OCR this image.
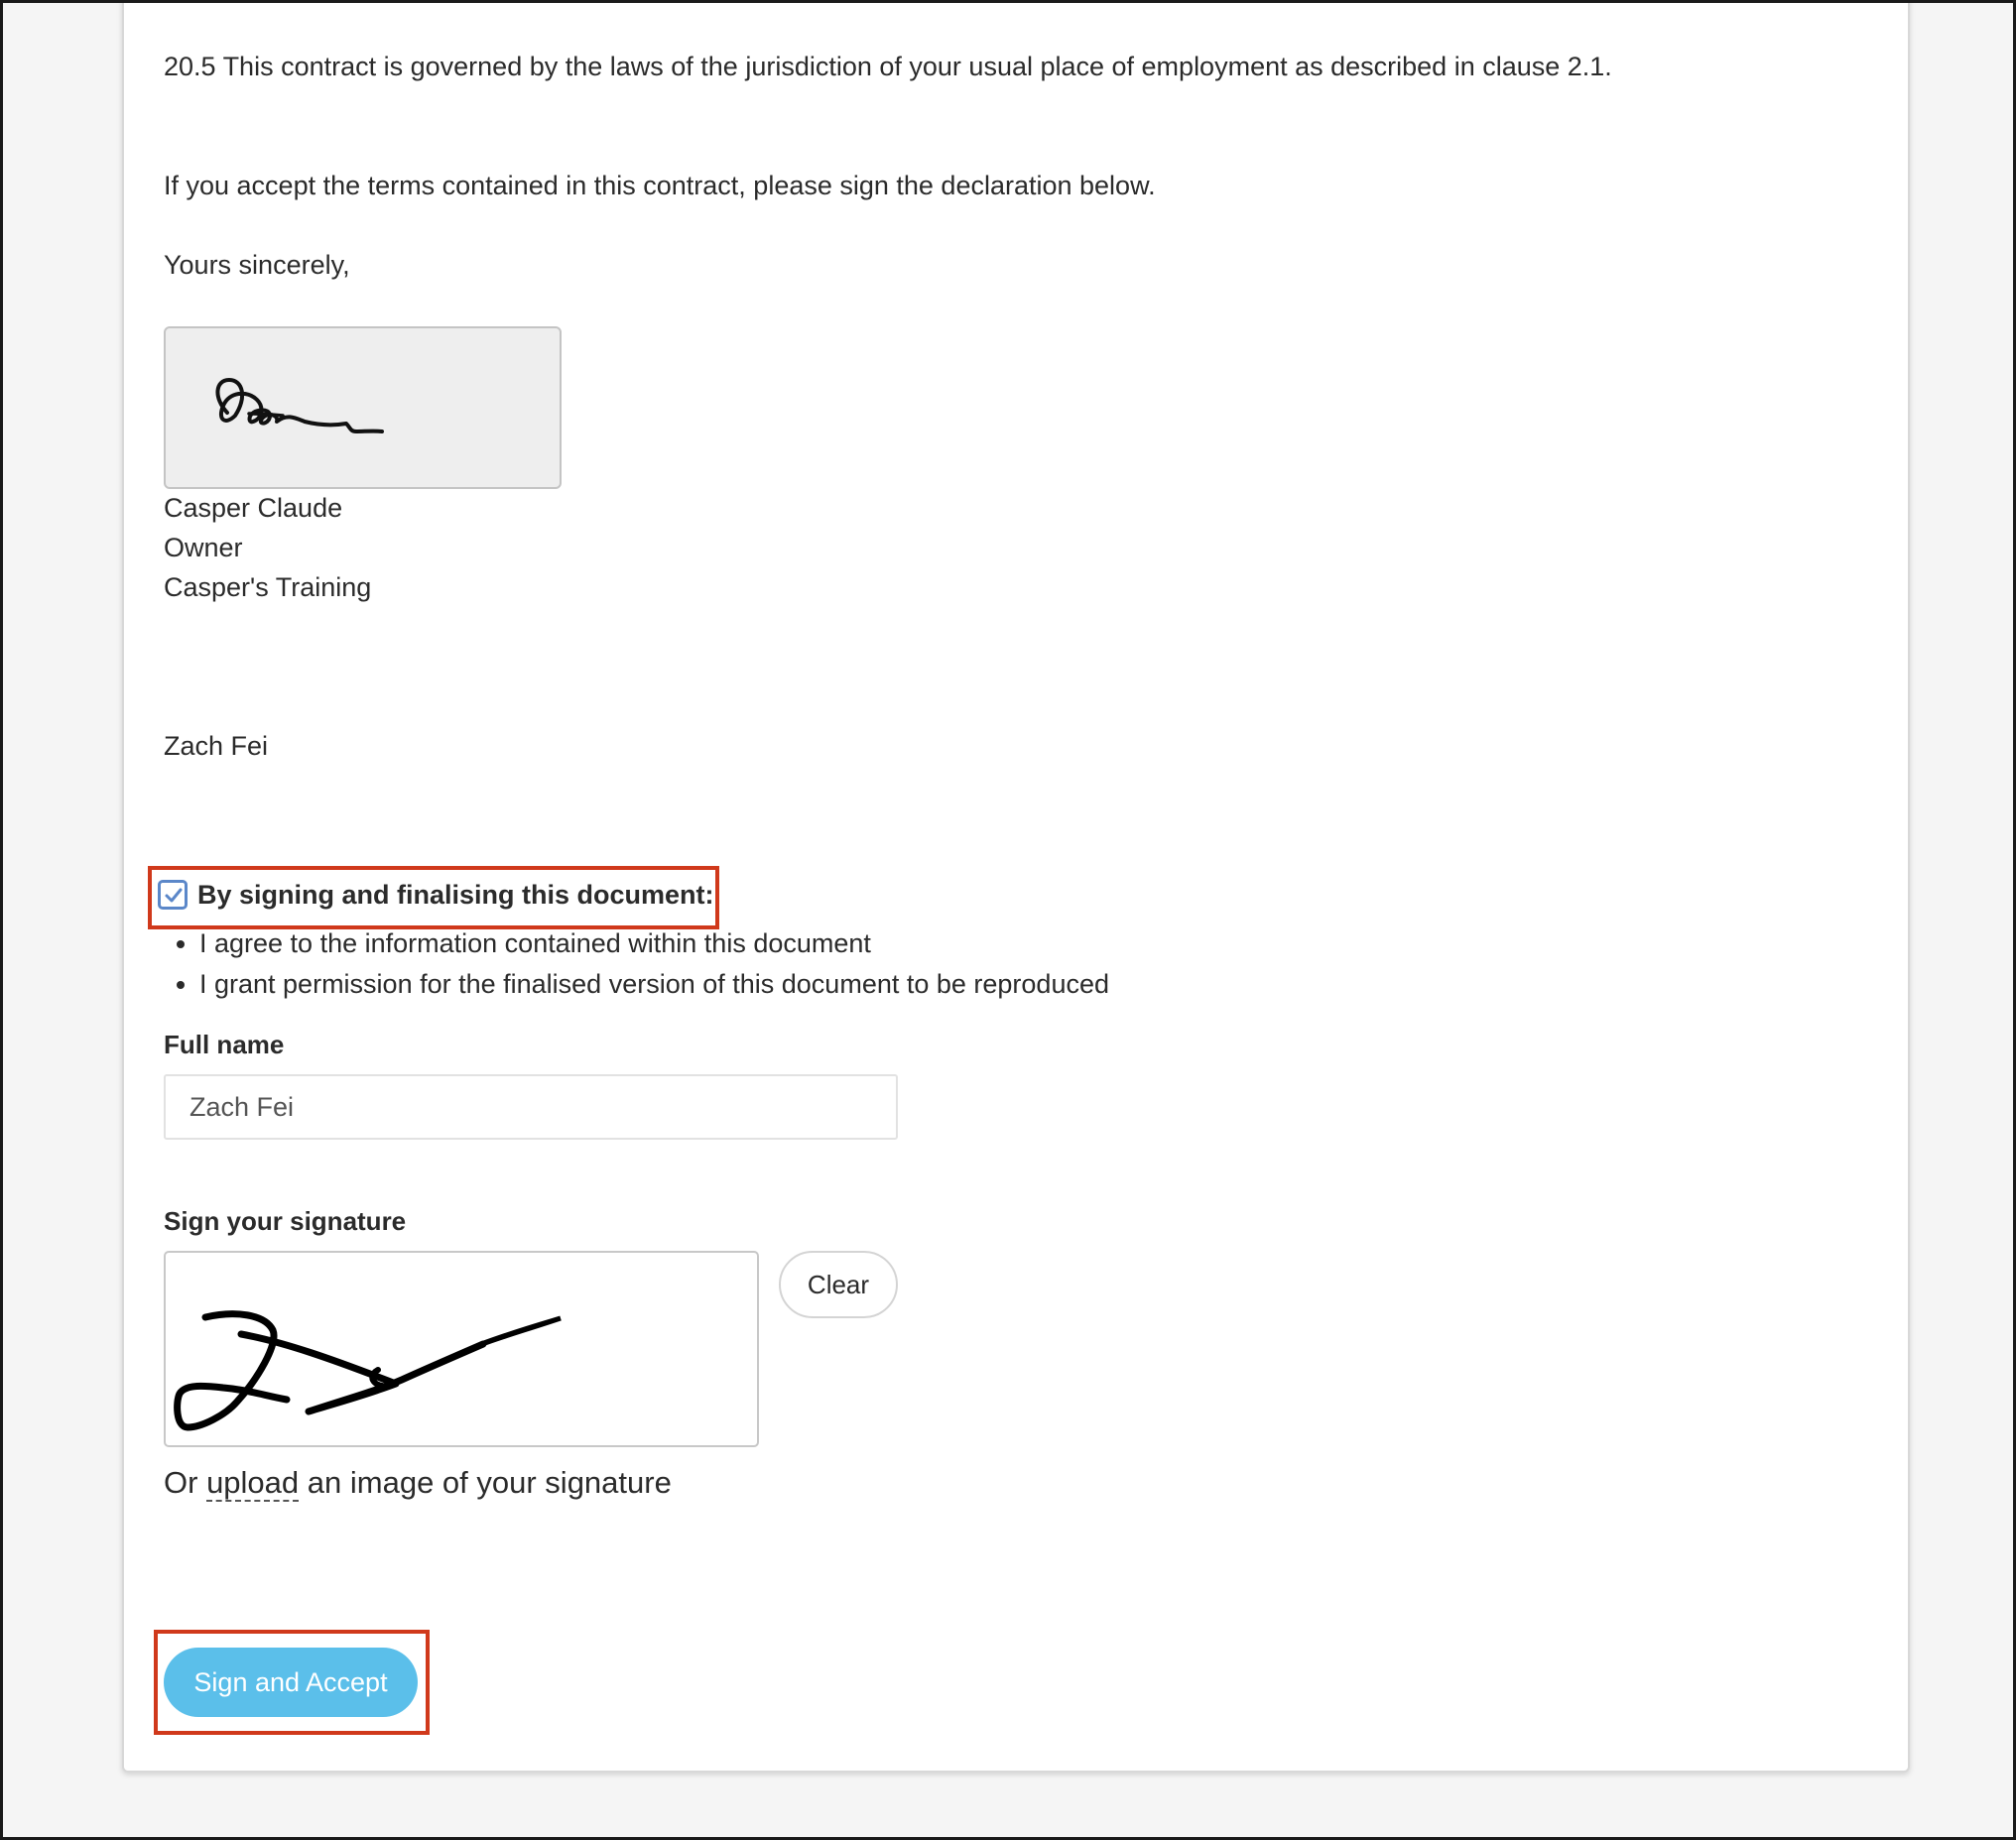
20.5 This contract is governed by the laws of the jurisdiction of your usual place of employment as described in clause 2.1.
If you accept the terms contained in this contract, please sign the declaration below.
Yours sincerely,
Casper Claude
Owner
Casper's Training
Zach Fei
By signing and finalising this document:
• I agree to the information contained within this document
• I grant permission for the finalised version of this document to be reproduced
Full name
Zach Fei
Sign your signature
Clear
Or upload an image of your signature
Sign and Accept
